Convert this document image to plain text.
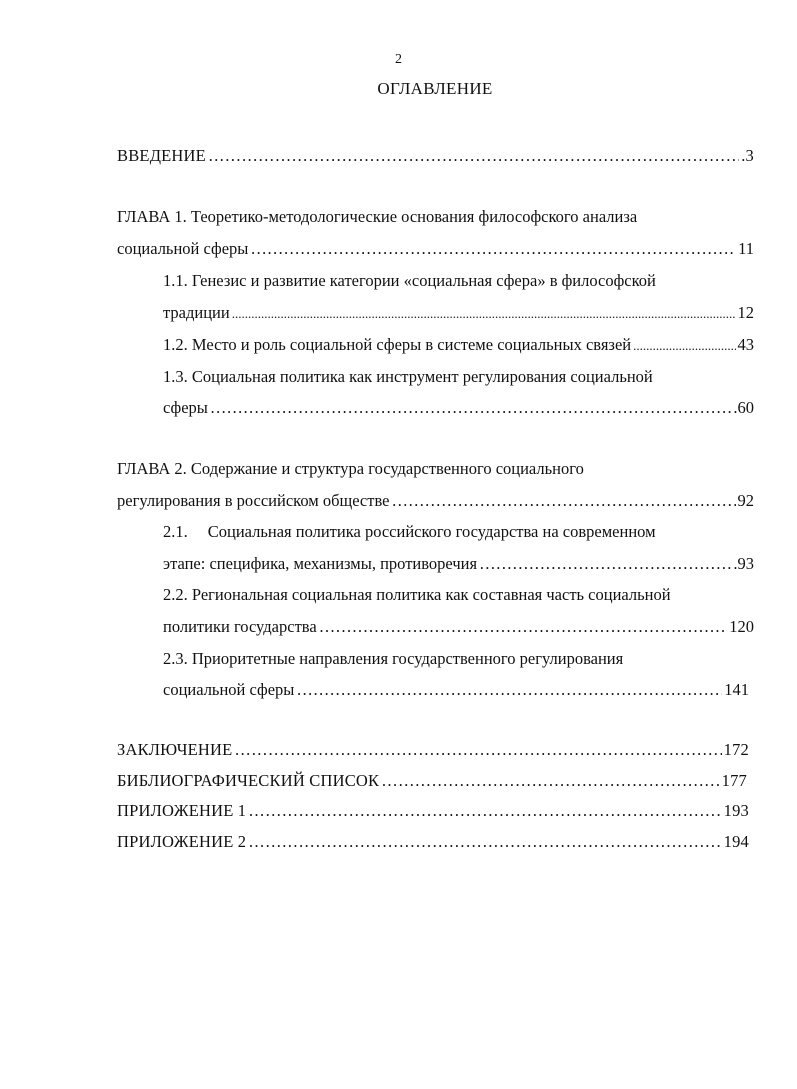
2
ОГЛАВЛЕНИЕ
ВВЕДЕНИЕ ……………………………………………………………………………………………………………………………………………………………………………………	.3
ГЛАВА 1. Теоретико-методологические основания философского анализа
социальной сферы ……………………………………………………………………………………………………………………………………………………………………………………	11
1.1. Генезис и развитие категории «социальная сфера» в философской
традиции .....	12
1.2. Место и роль социальной сферы в системе социальных связей .....	43
1.3. Социальная политика как инструмент регулирования социальной
сферы ……………………………………………………………………………………………………………………………………………………………………………………	.60
ГЛАВА 2. Содержание и структура государственного социального
регулирования в российском обществе ……………………………………………………………………………………………………………………………………………………………………………………	92
2.1. Социальная политика российского государства на современном
этапе: специфика, механизмы, противоречия ……………………………………………………………………………………………………………………………………………………………………………………	.93
2.2. Региональная социальная политика как составная часть социальной
политики государства ……………………………………………………………………………………………………………………………………………………………………………………	120
2.3. Приоритетные направления государственного регулирования
социальной сферы ……………………………………………………………………………………………………………………………………………………………………………………	141
ЗАКЛЮЧЕНИЕ ……………………………………………………………………………………………………………………………………………………………………………………	172
БИБЛИОГРАФИЧЕСКИЙ СПИСОК ……………………………………………………………………………………………………………………………………………………………………………………	177
ПРИЛОЖЕНИЕ 1 ……………………………………………………………………………………………………………………………………………………………………………………	193
ПРИЛОЖЕНИЕ 2 ……………………………………………………………………………………………………………………………………………………………………………………	194
